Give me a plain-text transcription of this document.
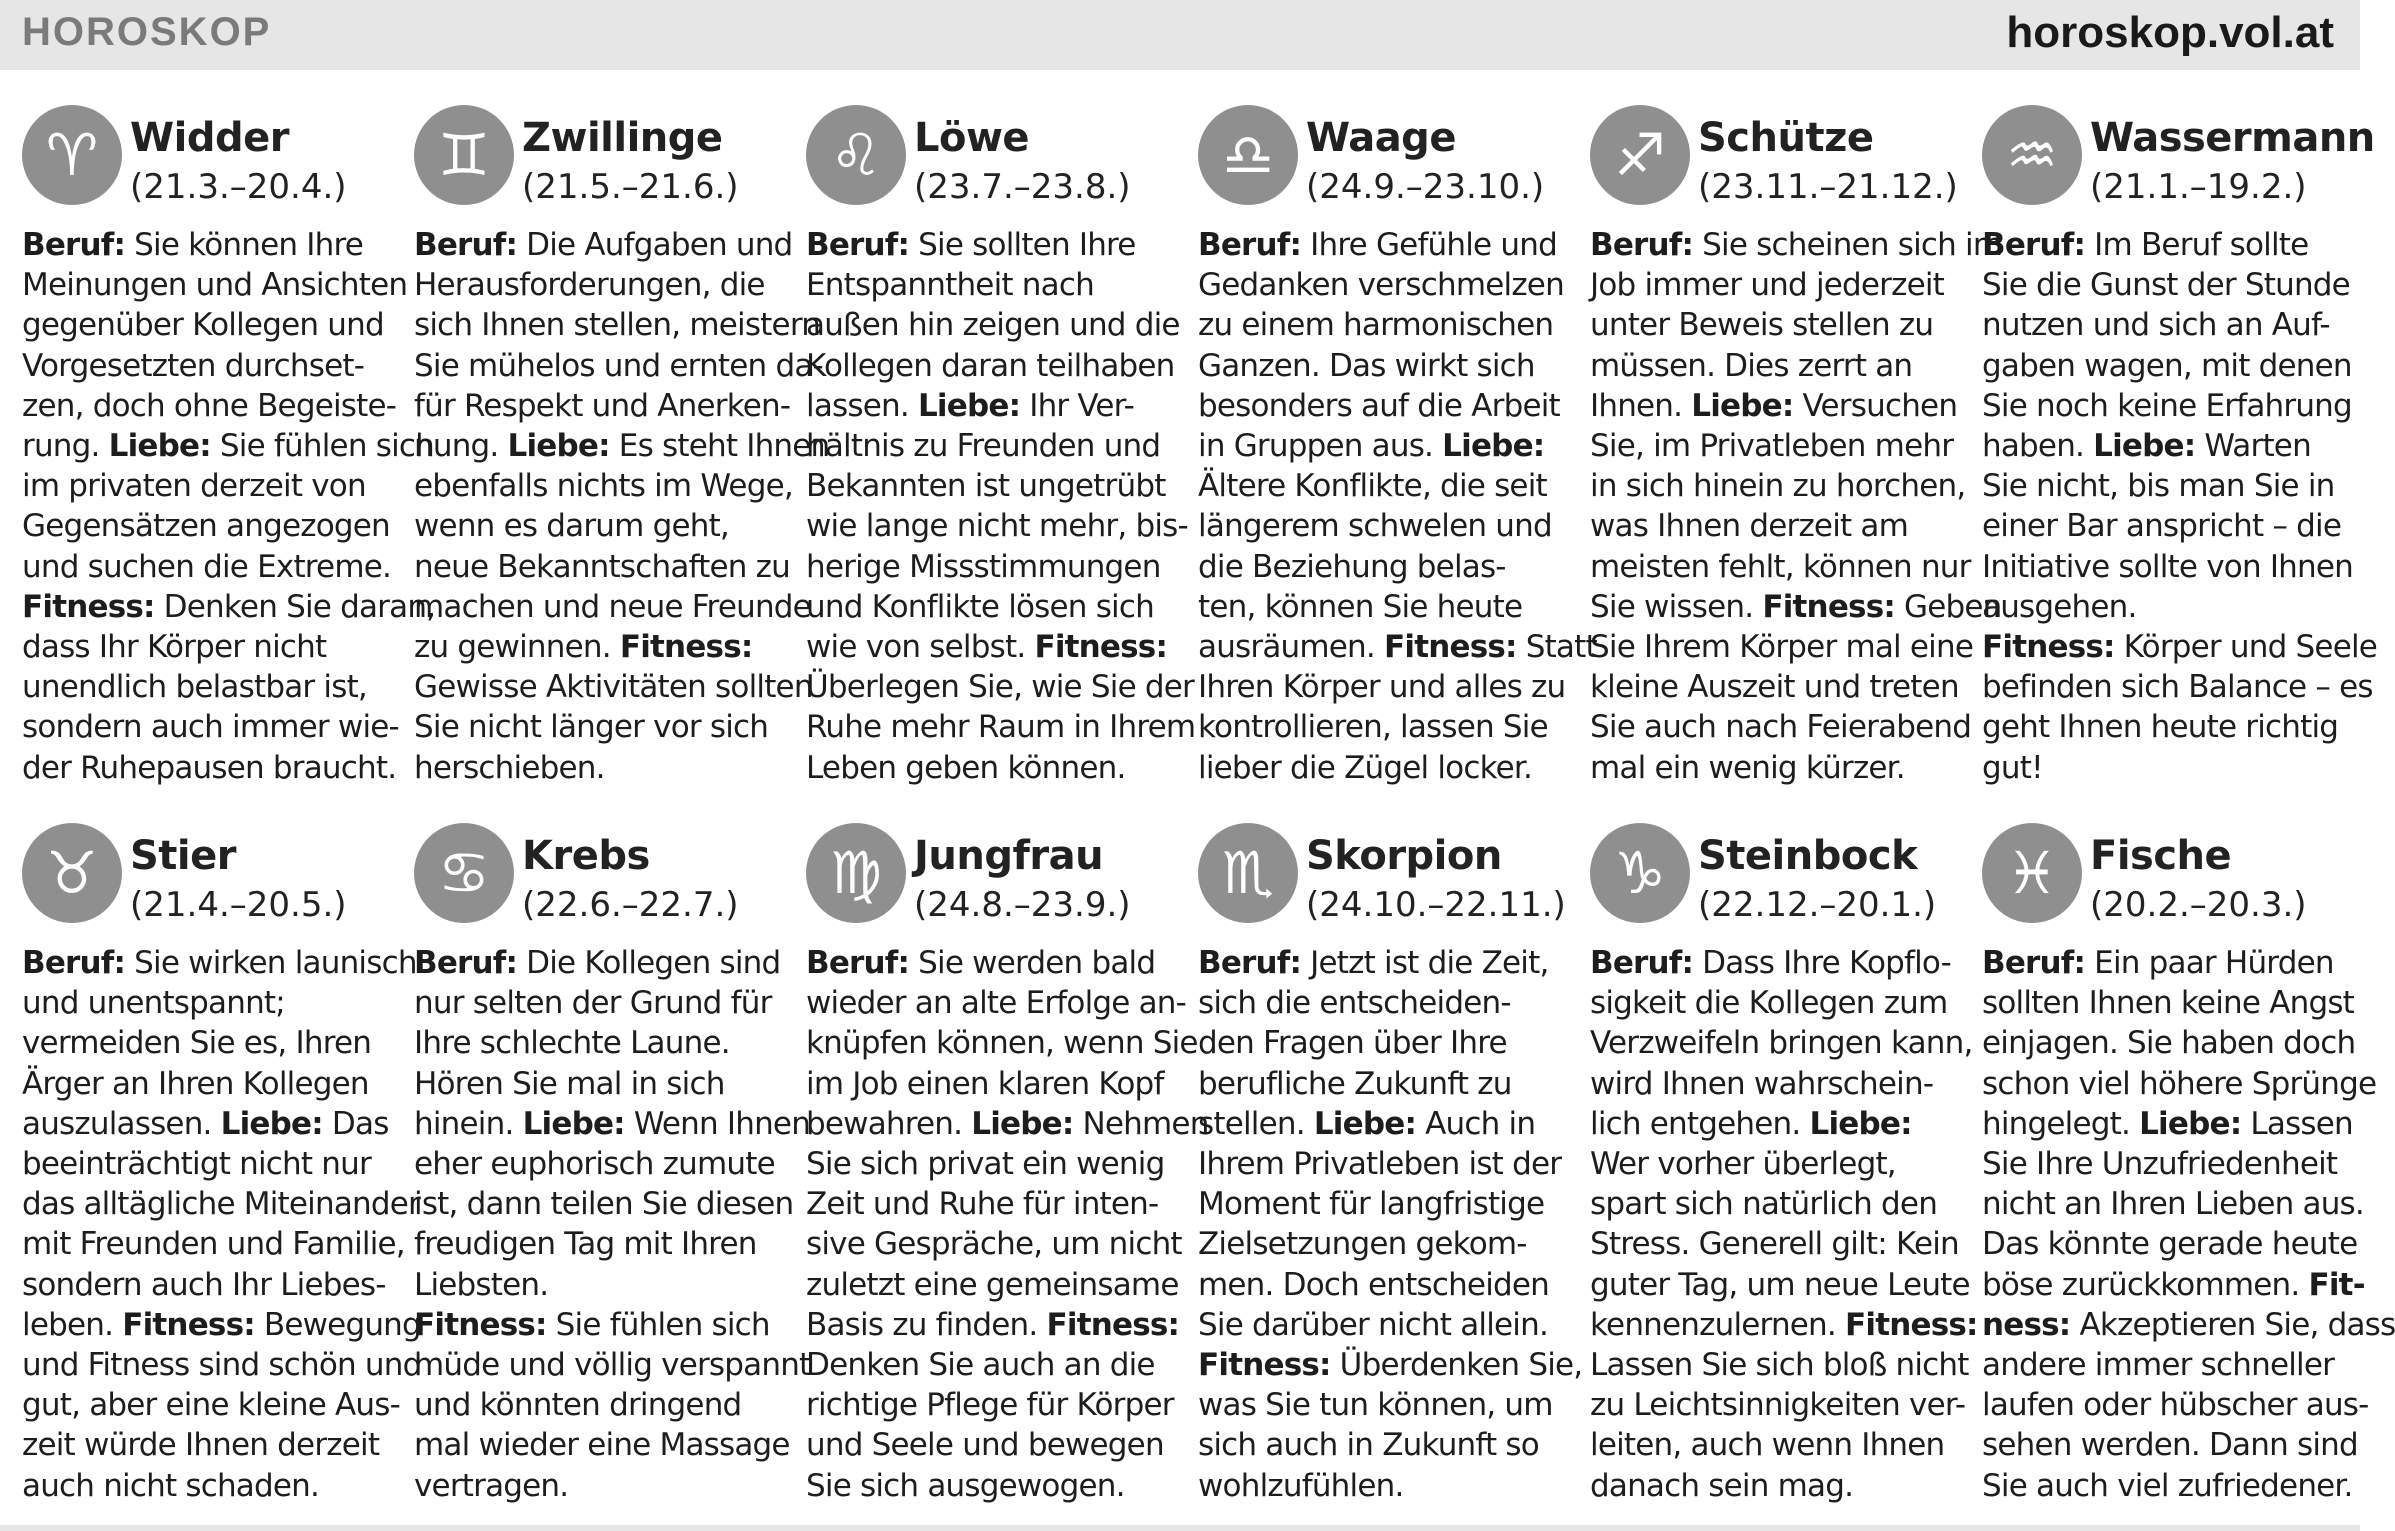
HOROSKOP	horoskop.vol.at
♈ Widder
(21.3.–20.4.)
Beruf: Sie können Ihre
Meinungen und Ansichten
gegenüber Kollegen und
Vorgesetzten durchset-
zen, doch ohne Begeiste-
rung. Liebe: Sie fühlen sich
im privaten derzeit von
Gegensätzen angezogen
und suchen die Extreme.
Fitness: Denken Sie daran,
dass Ihr Körper nicht
unendlich belastbar ist,
sondern auch immer wie-
der Ruhepausen braucht.
♊ Zwillinge
(21.5.–21.6.)
Beruf: Die Aufgaben und
Herausforderungen, die
sich Ihnen stellen, meistern
Sie mühelos und ernten da-
für Respekt und Anerken-
nung. Liebe: Es steht Ihnen
ebenfalls nichts im Wege,
wenn es darum geht,
neue Bekanntschaften zu
machen und neue Freunde
zu gewinnen. Fitness:
Gewisse Aktivitäten sollten
Sie nicht länger vor sich
herschieben.
♌ Löwe
(23.7.–23.8.)
Beruf: Sie sollten Ihre
Entspanntheit nach
außen hin zeigen und die
Kollegen daran teilhaben
lassen. Liebe: Ihr Ver-
hältnis zu Freunden und
Bekannten ist ungetrübt
wie lange nicht mehr, bis-
herige Missstimmungen
und Konflikte lösen sich
wie von selbst. Fitness:
Überlegen Sie, wie Sie der
Ruhe mehr Raum in Ihrem
Leben geben können.
♎ Waage
(24.9.–23.10.)
Beruf: Ihre Gefühle und
Gedanken verschmelzen
zu einem harmonischen
Ganzen. Das wirkt sich
besonders auf die Arbeit
in Gruppen aus. Liebe:
Ältere Konflikte, die seit
längerem schwelen und
die Beziehung belas-
ten, können Sie heute
ausräumen. Fitness: Statt
Ihren Körper und alles zu
kontrollieren, lassen Sie
lieber die Zügel locker.
♐ Schütze
(23.11.–21.12.)
Beruf: Sie scheinen sich im
Job immer und jederzeit
unter Beweis stellen zu
müssen. Dies zerrt an
Ihnen. Liebe: Versuchen
Sie, im Privatleben mehr
in sich hinein zu horchen,
was Ihnen derzeit am
meisten fehlt, können nur
Sie wissen. Fitness: Geben
Sie Ihrem Körper mal eine
kleine Auszeit und treten
Sie auch nach Feierabend
mal ein wenig kürzer.
♒ Wassermann
(21.1.–19.2.)
Beruf: Im Beruf sollte
Sie die Gunst der Stunde
nutzen und sich an Auf-
gaben wagen, mit denen
Sie noch keine Erfahrung
haben. Liebe: Warten
Sie nicht, bis man Sie in
einer Bar anspricht – die
Initiative sollte von Ihnen
ausgehen.
Fitness: Körper und Seele
befinden sich Balance – es
geht Ihnen heute richtig
gut!
♉ Stier
(21.4.–20.5.)
Beruf: Sie wirken launisch
und unentspannt;
vermeiden Sie es, Ihren
Ärger an Ihren Kollegen
auszulassen. Liebe: Das
beeinträchtigt nicht nur
das alltägliche Miteinander
mit Freunden und Familie,
sondern auch Ihr Liebes-
leben. Fitness: Bewegung
und Fitness sind schön und
gut, aber eine kleine Aus-
zeit würde Ihnen derzeit
auch nicht schaden.
♋ Krebs
(22.6.–22.7.)
Beruf: Die Kollegen sind
nur selten der Grund für
Ihre schlechte Laune.
Hören Sie mal in sich
hinein. Liebe: Wenn Ihnen
eher euphorisch zumute
ist, dann teilen Sie diesen
freudigen Tag mit Ihren
Liebsten.
Fitness: Sie fühlen sich
müde und völlig verspannt
und könnten dringend
mal wieder eine Massage
vertragen.
♍ Jungfrau
(24.8.–23.9.)
Beruf: Sie werden bald
wieder an alte Erfolge an-
knüpfen können, wenn Sie
im Job einen klaren Kopf
bewahren. Liebe: Nehmen
Sie sich privat ein wenig
Zeit und Ruhe für inten-
sive Gespräche, um nicht
zuletzt eine gemeinsame
Basis zu finden. Fitness:
Denken Sie auch an die
richtige Pflege für Körper
und Seele und bewegen
Sie sich ausgewogen.
♏ Skorpion
(24.10.–22.11.)
Beruf: Jetzt ist die Zeit,
sich die entscheiden-
den Fragen über Ihre
berufliche Zukunft zu
stellen. Liebe: Auch in
Ihrem Privatleben ist der
Moment für langfristige
Zielsetzungen gekom-
men. Doch entscheiden
Sie darüber nicht allein.
Fitness: Überdenken Sie,
was Sie tun können, um
sich auch in Zukunft so
wohlzufühlen.
♑ Steinbock
(22.12.–20.1.)
Beruf: Dass Ihre Kopflo-
sigkeit die Kollegen zum
Verzweifeln bringen kann,
wird Ihnen wahrschein-
lich entgehen. Liebe:
Wer vorher überlegt,
spart sich natürlich den
Stress. Generell gilt: Kein
guter Tag, um neue Leute
kennenzulernen. Fitness:
Lassen Sie sich bloß nicht
zu Leichtsinnigkeiten ver-
leiten, auch wenn Ihnen
danach sein mag.
♓ Fische
(20.2.–20.3.)
Beruf: Ein paar Hürden
sollten Ihnen keine Angst
einjagen. Sie haben doch
schon viel höhere Sprünge
hingelegt. Liebe: Lassen
Sie Ihre Unzufriedenheit
nicht an Ihren Lieben aus.
Das könnte gerade heute
böse zurückkommen. Fit-
ness: Akzeptieren Sie, dass
andere immer schneller
laufen oder hübscher aus-
sehen werden. Dann sind
Sie auch viel zufriedener.
